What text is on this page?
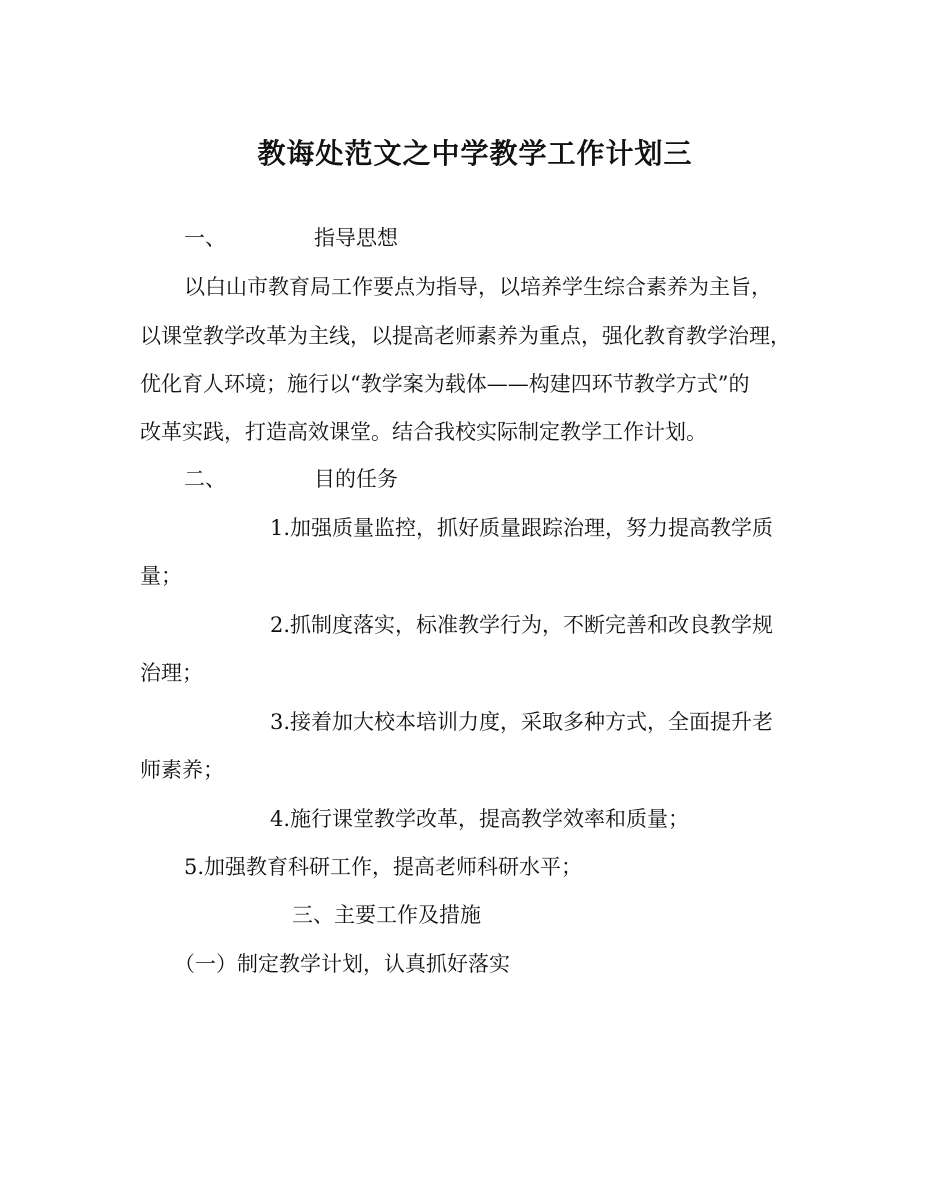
教诲处范文之中学教学工作计划三
一、	指导思想
以白山市教育局工作要点为指导，以培养学生综合素养为主旨，
以课堂教学改革为主线，以提高老师素养为重点，强化教育教学治理，
优化育人环境；施行以“教学案为载体——构建四环节教学方式”的
改革实践，打造高效课堂。结合我校实际制定教学工作计划。
二、	目的任务
1.加强质量监控，抓好质量跟踪治理，努力提高教学质
量；
2.抓制度落实，标准教学行为，不断完善和改良教学规
治理；
3.接着加大校本培训力度，采取多种方式，全面提升老
师素养；
4.施行课堂教学改革，提高教学效率和质量；
5.加强教育科研工作，提高老师科研水平；
三、主要工作及措施
（一）制定教学计划，认真抓好落实
